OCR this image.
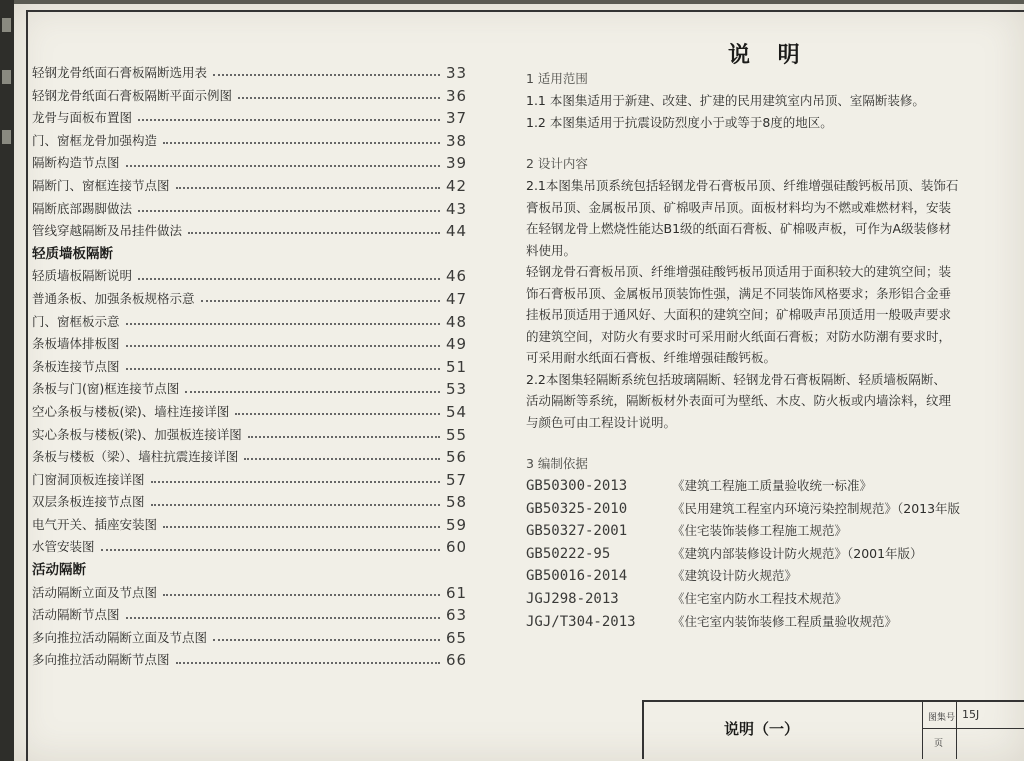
轻钢龙骨纸面石膏板隔断选用表	33
轻钢龙骨纸面石膏板隔断平面示例图	36
龙骨与面板布置图	37
门、窗框龙骨加强构造	38
隔断构造节点图	39
隔断门、窗框连接节点图	42
隔断底部踢脚做法	43
管线穿越隔断及吊挂件做法	44
轻质墙板隔断
轻质墙板隔断说明	46
普通条板、加强条板规格示意	47
门、窗框板示意	48
条板墙体排板图	49
条板连接节点图	51
条板与门(窗)框连接节点图	53
空心条板与楼板(梁)、墙柱连接详图	54
实心条板与楼板(梁)、加强板连接详图	55
条板与楼板（梁）、墙柱抗震连接详图	56
门窗洞顶板连接详图	57
双层条板连接节点图	58
电气开关、插座安装图	59
水管安装图	60
活动隔断
活动隔断立面及节点图	61
活动隔断节点图	63
多向推拉活动隔断立面及节点图	65
多向推拉活动隔断节点图	66
说 明
1 适用范围
1.1 本图集适用于新建、改建、扩建的民用建筑室内吊顶、室隔断装修。
1.2 本图集适用于抗震设防烈度小于或等于8度的地区。
2 设计内容
2.1本图集吊顶系统包括轻钢龙骨石膏板吊顶、纤维增强硅酸钙板吊顶、装饰石
膏板吊顶、金属板吊顶、矿棉吸声吊顶。面板材料均为不燃或难燃材料，安装
在轻钢龙骨上燃烧性能达B1级的纸面石膏板、矿棉吸声板，可作为A级装修材
料使用。
轻钢龙骨石膏板吊顶、纤维增强硅酸钙板吊顶适用于面积较大的建筑空间；装
饰石膏板吊顶、金属板吊顶装饰性强，满足不同装饰风格要求；条形铝合金垂
挂板吊顶适用于通风好、大面积的建筑空间；矿棉吸声吊顶适用一般吸声要求
的建筑空间，对防火有要求时可采用耐火纸面石膏板；对防水防潮有要求时，
可采用耐水纸面石膏板、纤维增强硅酸钙板。
2.2本图集轻隔断系统包括玻璃隔断、轻钢龙骨石膏板隔断、轻质墙板隔断、
活动隔断等系统，隔断板材外表面可为壁纸、木皮、防火板或内墙涂料，纹理
与颜色可由工程设计说明。
3 编制依据
GB50300-2013	《建筑工程施工质量验收统一标准》
GB50325-2010	《民用建筑工程室内环境污染控制规范》（2013年版
GB50327-2001	《住宅装饰装修工程施工规范》
GB50222-95	《建筑内部装修设计防火规范》（2001年版）
GB50016-2014	《建筑设计防火规范》
JGJ298-2013	《住宅室内防水工程技术规范》
JGJ/T304-2013	《住宅室内装饰装修工程质量验收规范》
说明（一）
图集号 15J
页
